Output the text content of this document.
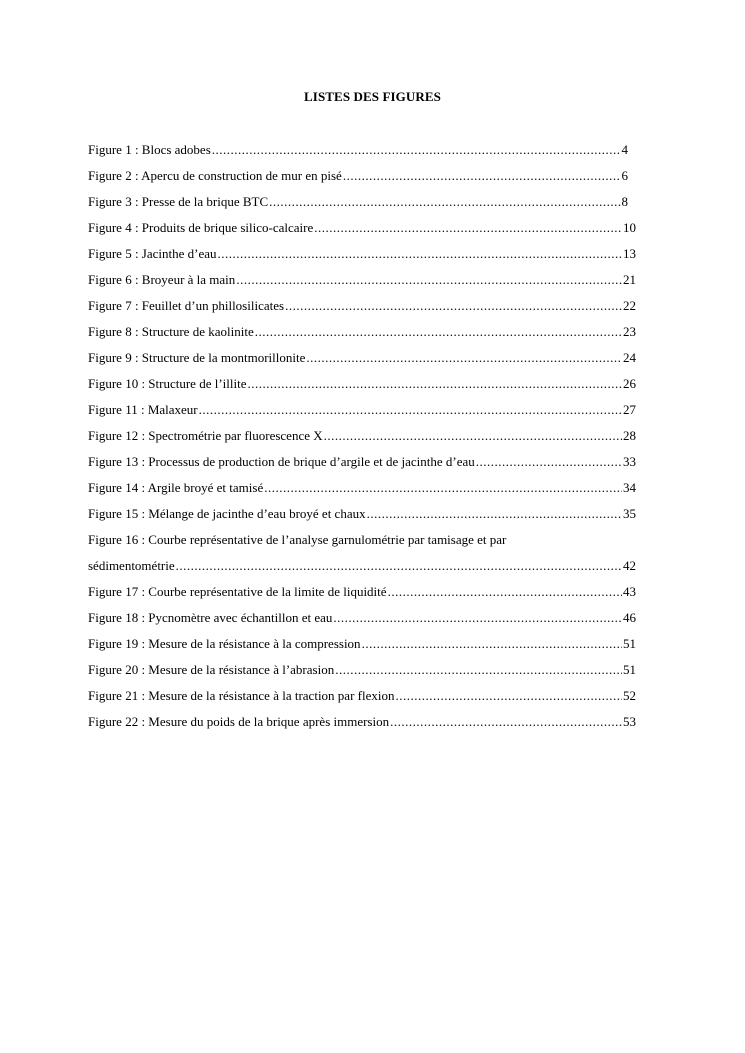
LISTES DES FIGURES
Figure 1 : Blocs adobes .....	4
Figure 2 : Apercu de construction de mur en pisé .....	6
Figure 3 : Presse de la brique BTC .....	8
Figure 4 : Produits de brique silico-calcaire .....	10
Figure 5 : Jacinthe d’eau .....	13
Figure 6 : Broyeur à la main .....	21
Figure 7 : Feuillet d’un phillosilicates .....	22
Figure 8 : Structure de kaolinite .....	23
Figure 9 : Structure de la montmorillonite .....	24
Figure 10 : Structure de l’illite .....	26
Figure 11 : Malaxeur .....	27
Figure 12 : Spectrométrie par fluorescence X .....	28
Figure 13 : Processus de production de brique d’argile et de jacinthe d’eau .....	33
Figure 14 : Argile broyé et tamisé .....	34
Figure 15 : Mélange de jacinthe d’eau broyé et chaux .....	35
Figure 16 : Courbe représentative de l’analyse garnulométrie par tamisage et par
sédimentométrie .....	42
Figure 17 : Courbe représentative de la limite de liquidité .....	43
Figure 18 : Pycnomètre avec échantillon et eau .....	46
Figure 19 : Mesure de la résistance à la compression .....	51
Figure 20 : Mesure de la résistance à l’abrasion .....	51
Figure 21 : Mesure de la résistance à la traction par flexion .....	52
Figure 22 : Mesure du poids de la brique après immersion .....	53
